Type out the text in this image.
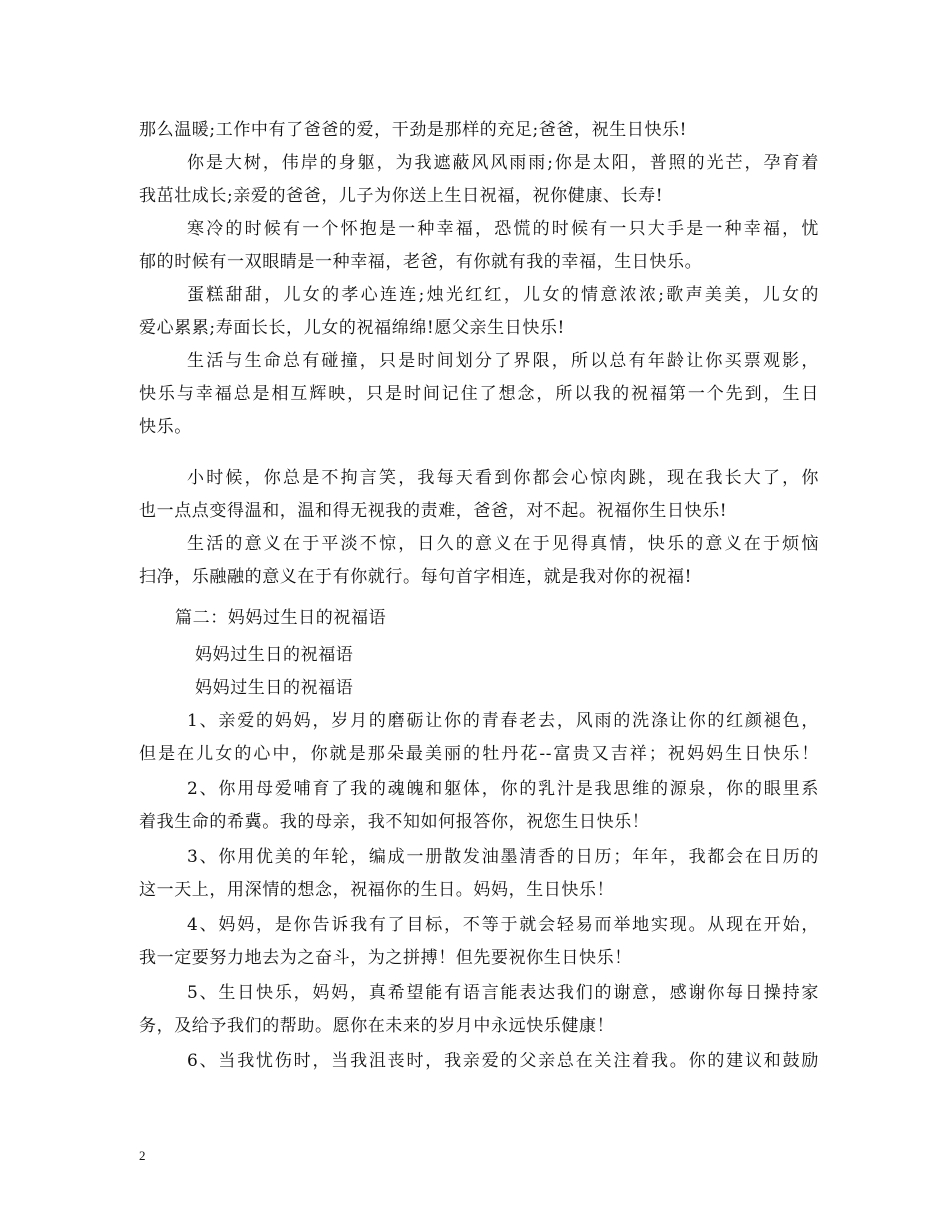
那么温暖;工作中有了爸爸的爱，干劲是那样的充足;爸爸，祝生日快乐!
你是大树，伟岸的身躯，为我遮蔽风风雨雨;你是太阳，普照的光芒，孕育着
我茁壮成长;亲爱的爸爸，儿子为你送上生日祝福，祝你健康、长寿!
寒冷的时候有一个怀抱是一种幸福，恐慌的时候有一只大手是一种幸福，忧
郁的时候有一双眼睛是一种幸福，老爸，有你就有我的幸福，生日快乐。
蛋糕甜甜，儿女的孝心连连;烛光红红，儿女的情意浓浓;歌声美美，儿女的
爱心累累;寿面长长，儿女的祝福绵绵!愿父亲生日快乐!
生活与生命总有碰撞，只是时间划分了界限，所以总有年龄让你买票观影，
快乐与幸福总是相互辉映，只是时间记住了想念，所以我的祝福第一个先到，生日
快乐。
小时候，你总是不拘言笑，我每天看到你都会心惊肉跳，现在我长大了，你
也一点点变得温和，温和得无视我的责难，爸爸，对不起。祝福你生日快乐!
生活的意义在于平淡不惊，日久的意义在于见得真情，快乐的意义在于烦恼
扫净，乐融融的意义在于有你就行。每句首字相连，就是我对你的祝福!
篇二：妈妈过生日的祝福语
妈妈过生日的祝福语
妈妈过生日的祝福语
1、亲爱的妈妈，岁月的磨砺让你的青春老去，风雨的洗涤让你的红颜褪色，
但是在儿女的心中，你就是那朵最美丽的牡丹花--富贵又吉祥；祝妈妈生日快乐！
2、你用母爱哺育了我的魂魄和躯体，你的乳汁是我思维的源泉，你的眼里系
着我生命的希冀。我的母亲，我不知如何报答你，祝您生日快乐！
3、你用优美的年轮，编成一册散发油墨清香的日历；年年，我都会在日历的
这一天上，用深情的想念，祝福你的生日。妈妈，生日快乐！
4、妈妈，是你告诉我有了目标，不等于就会轻易而举地实现。从现在开始，
我一定要努力地去为之奋斗，为之拼搏！但先要祝你生日快乐！
5、生日快乐，妈妈，真希望能有语言能表达我们的谢意，感谢你每日操持家
务，及给予我们的帮助。愿你在未来的岁月中永远快乐健康！
6、当我忧伤时，当我沮丧时，我亲爱的父亲总在关注着我。你的建议和鼓励
2
